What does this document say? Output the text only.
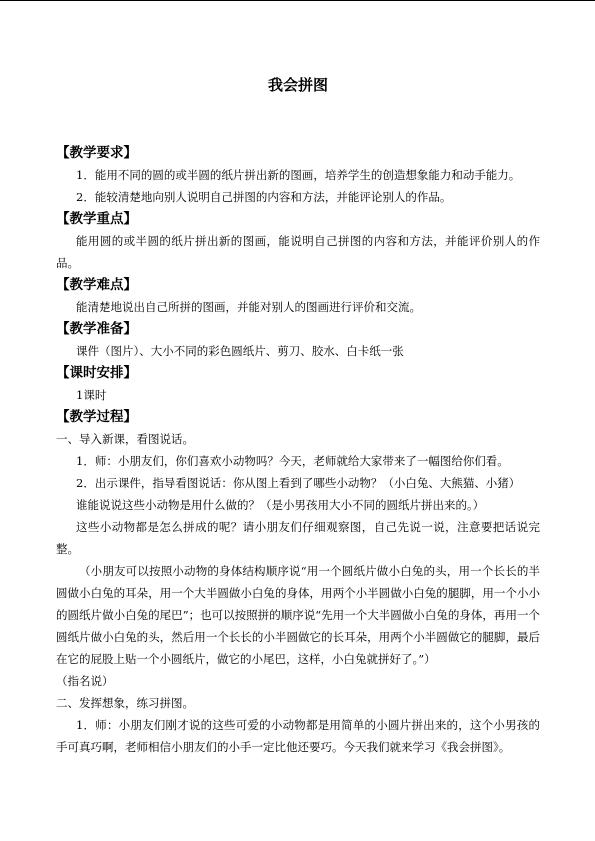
我会拼图
【教学要求】
1．能用不同的圆的或半圆的纸片拼出新的图画，培养学生的创造想象能力和动手能力。
2．能较清楚地向别人说明自己拼图的内容和方法，并能评论别人的作品。
【教学重点】
能用圆的或半圆的纸片拼出新的图画，能说明自己拼图的内容和方法，并能评价别人的作品。
【教学难点】
能清楚地说出自己所拼的图画，并能对别人的图画进行评价和交流。
【教学准备】
课件（图片）、大小不同的彩色圆纸片、剪刀、胶水、白卡纸一张
【课时安排】
1课时
【教学过程】
一、导入新课，看图说话。
1．师：小朋友们，你们喜欢小动物吗？今天，老师就给大家带来了一幅图给你们看。
2．出示课件，指导看图说话：你从图上看到了哪些小动物？（小白兔、大熊猫、小猪）
谁能说说这些小动物是用什么做的？（是小男孩用大小不同的圆纸片拼出来的。）
这些小动物都是怎么拼成的呢？请小朋友们仔细观察图，自己先说一说，注意要把话说完整。
（小朋友可以按照小动物的身体结构顺序说“用一个圆纸片做小白兔的头，用一个长长的半圆做小白兔的耳朵，用一个大半圆做小白兔的身体，用两个小半圆做小白兔的腿脚，用一个小小的圆纸片做小白兔的尾巴”；也可以按照拼的顺序说“先用一个大半圆做小白兔的身体，再用一个圆纸片做小白兔的头，然后用一个长长的小半圆做它的长耳朵，用两个小半圆做它的腿脚，最后在它的屁股上贴一个小圆纸片，做它的小尾巴，这样，小白兔就拼好了。”）
（指名说）
二、发挥想象，练习拼图。
1．师：小朋友们刚才说的这些可爱的小动物都是用简单的小圆片拼出来的，这个小男孩的手可真巧啊，老师相信小朋友们的小手一定比他还要巧。今天我们就来学习《我会拼图》。
